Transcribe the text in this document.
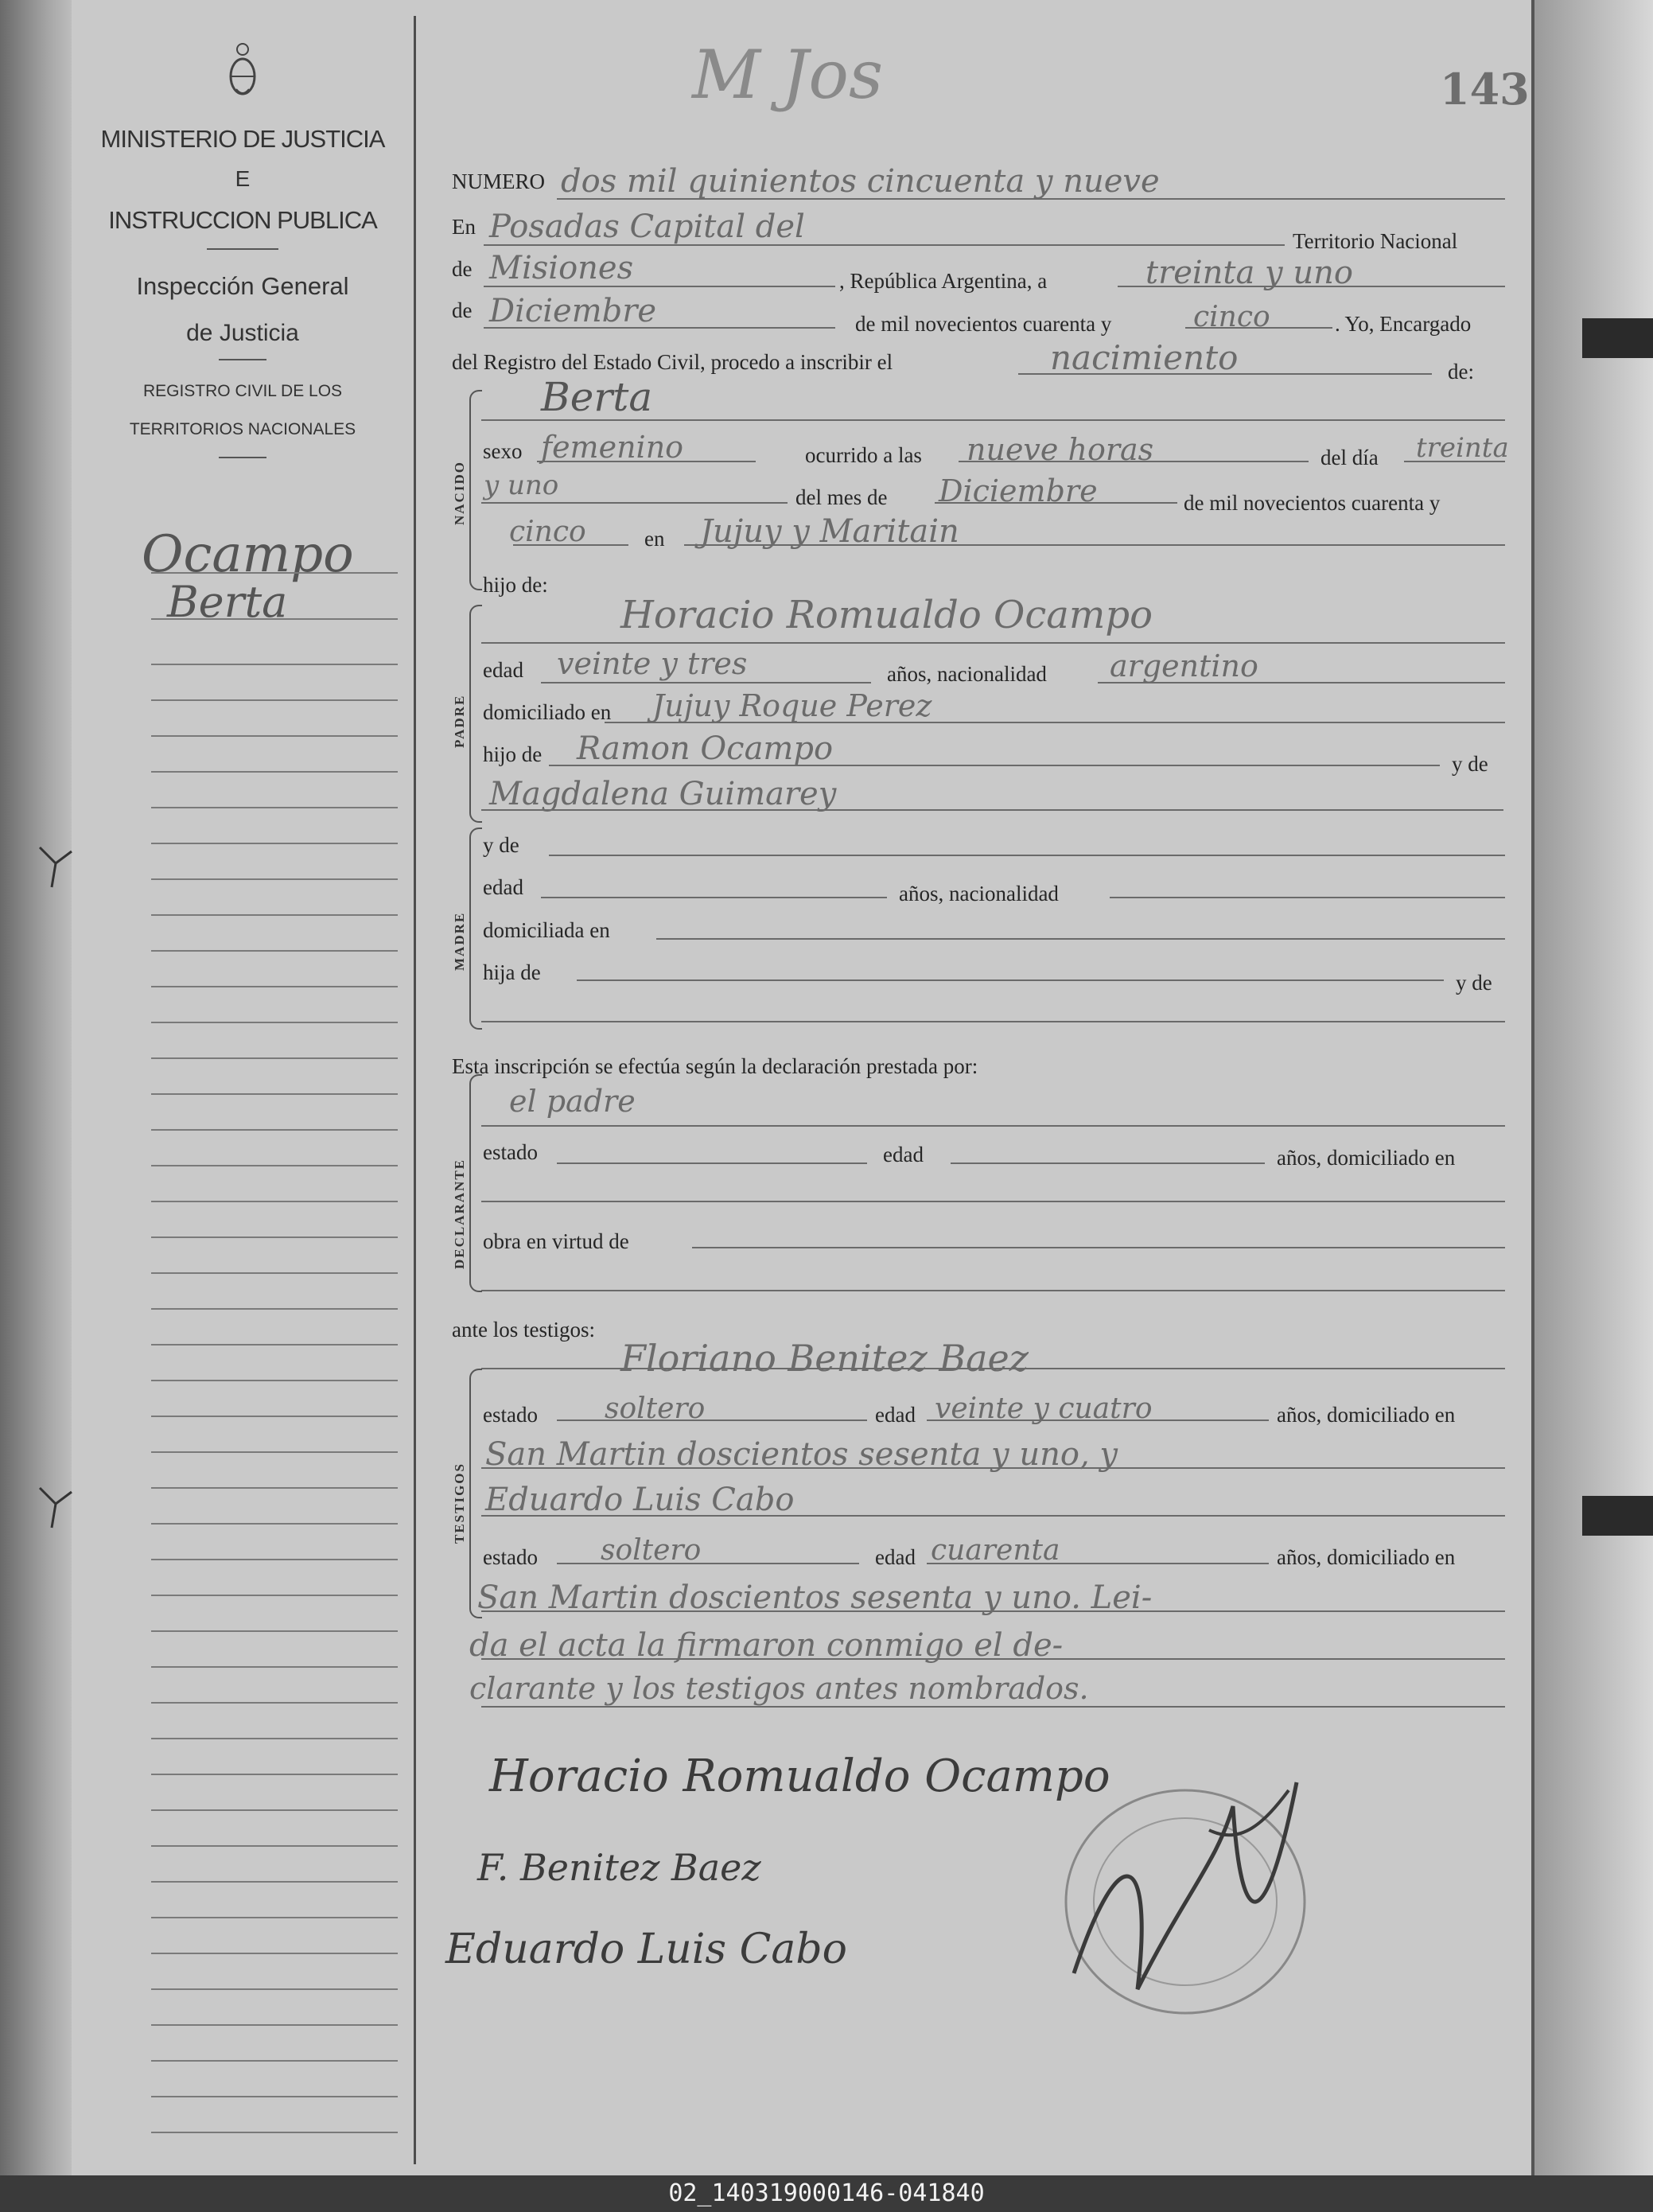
MINISTERIO DE JUSTICIA
E
INSTRUCCION PUBLICA
Inspección General
de Justicia
REGISTRO CIVIL DE LOS
TERRITORIOS NACIONALES
Ocampo
Berta
M Jos	143
NUMERO dos mil quinientos cincuenta y nueve
En Posadas Capital del	Territorio Nacional
de Misiones	, República Argentina, a	treinta y uno
de Diciembre	de mil novecientos cuarenta y	cinco	. Yo, Encargado
del Registro del Estado Civil, procedo a inscribir el	nacimiento	de:
Berta
NACIDO
sexo femenino	ocurrido a las nueve horas	del día treinta
y uno	del mes de Diciembre	de mil novecientos cuarenta y
cinco	en Jujuy y Maritain
hijo de:
Horacio Romualdo Ocampo
PADRE
edad veinte y tres	años, nacionalidad argentino
domiciliado en Jujuy Roque Perez
hijo de Ramon Ocampo	y de
Magdalena Guimarey
MADRE
y de
edad	años, nacionalidad
domiciliada en
hija de	y de
Esta inscripción se efectúa según la declaración prestada por:
DECLARANTE
el padre
estado	edad	años, domiciliado en
obra en virtud de
ante los testigos:
Floriano Benitez Baez
TESTIGOS
estado soltero	edad veinte y cuatro	años, domiciliado en
San Martin doscientos sesenta y uno, y
Eduardo Luis Cabo
estado soltero	edad cuarenta	años, domiciliado en
San Martin doscientos sesenta y uno. Lei-
da el acta la firmaron conmigo el de-
clarante y los testigos antes nombrados.
Horacio Romualdo Ocampo
F. Benitez Baez
Eduardo Luis Cabo
02_140319000146-041840
